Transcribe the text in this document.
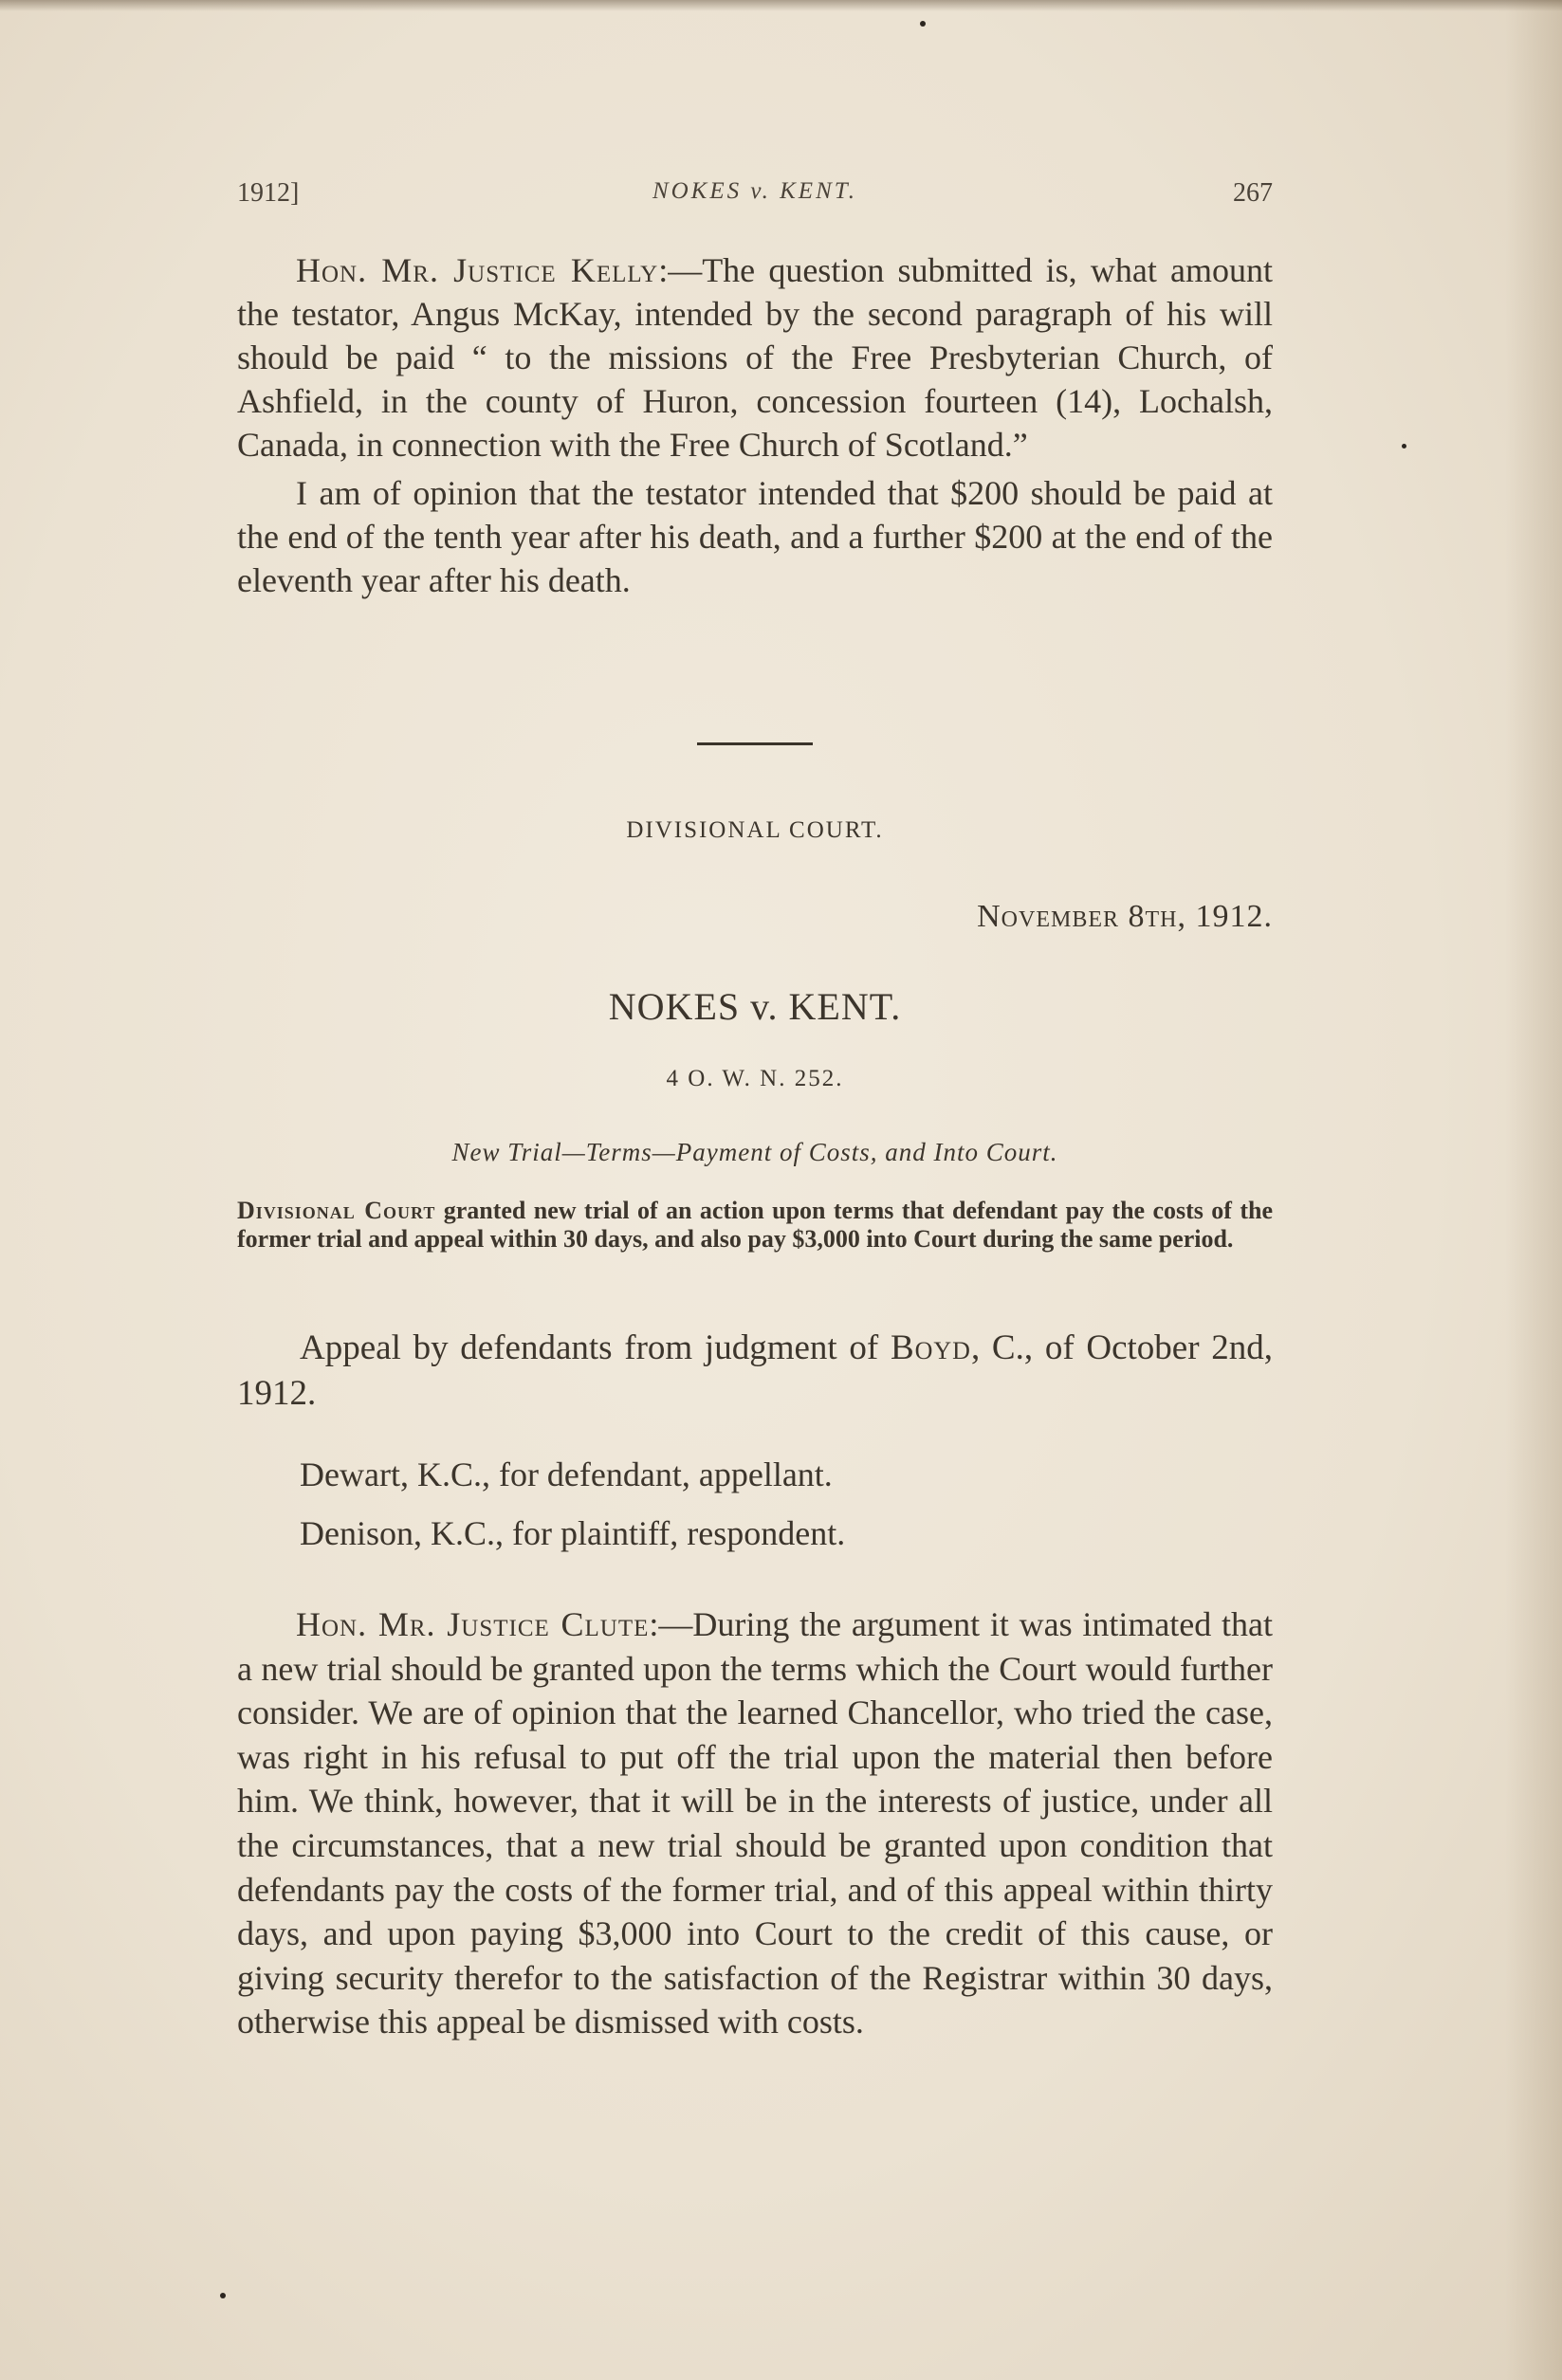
1912]	NOKES v. KENT.	267

Hon. Mr. Justice Kelly:—The question submitted is, what amount the testator, Angus McKay, intended by the second paragraph of his will should be paid “ to the missions of the Free Presbyterian Church, of Ashfield, in the county of Huron, concession fourteen (14), Lochalsh, Canada, in connection with the Free Church of Scotland.”

I am of opinion that the testator intended that $200 should be paid at the end of the tenth year after his death, and a further $200 at the end of the eleventh year after his death.

DIVISIONAL COURT.
November 8th, 1912.
NOKES v. KENT.
4 O. W. N. 252.
New Trial—Terms—Payment of Costs, and Into Court.
Divisional Court granted new trial of an action upon terms that defendant pay the costs of the former trial and appeal within 30 days, and also pay $3,000 into Court during the same period.
Appeal by defendants from judgment of Boyd, C., of October 2nd, 1912.
Dewart, K.C., for defendant, appellant.
Denison, K.C., for plaintiff, respondent.
Hon. Mr. Justice Clute:—During the argument it was intimated that a new trial should be granted upon the terms which the Court would further consider. We are of opinion that the learned Chancellor, who tried the case, was right in his refusal to put off the trial upon the material then before him. We think, however, that it will be in the interests of justice, under all the circumstances, that a new trial should be granted upon condition that defendants pay the costs of the former trial, and of this appeal within thirty days, and upon paying $3,000 into Court to the credit of this cause, or giving security therefor to the satisfaction of the Registrar within 30 days, otherwise this appeal be dismissed with costs.
